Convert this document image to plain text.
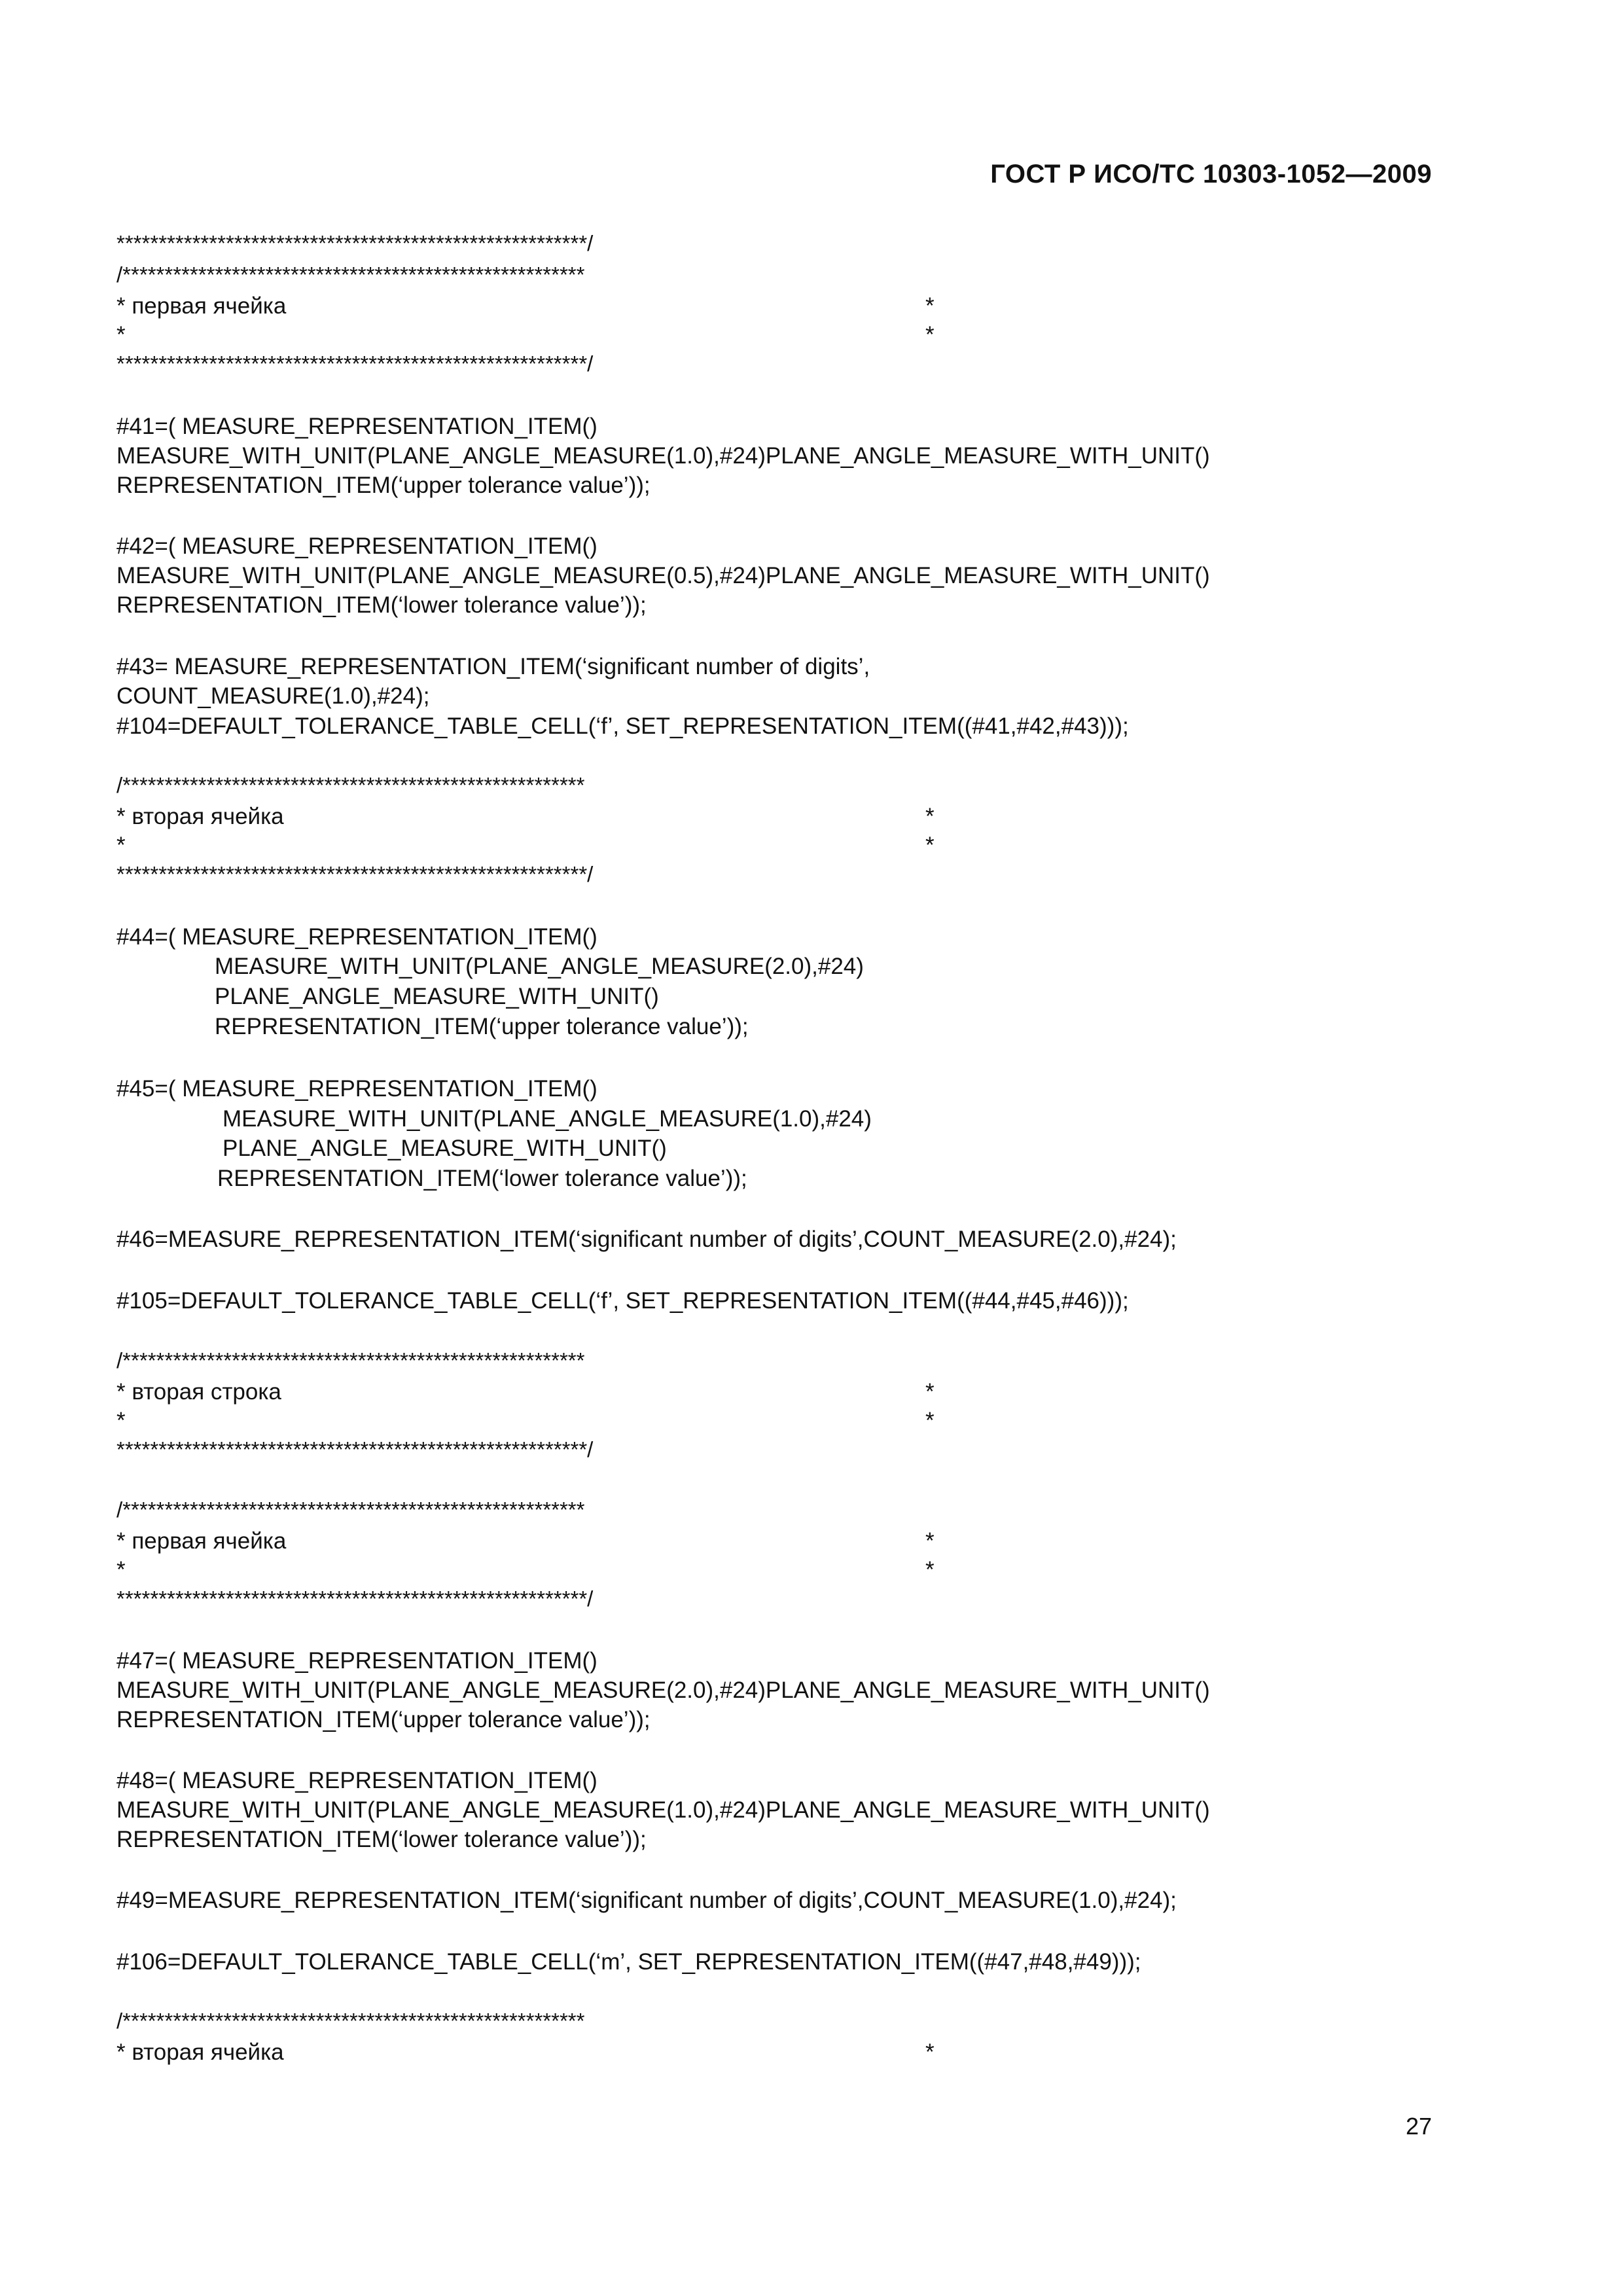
ГОСТ Р ИСО/ТС 10303-1052—2009
********************************************************/
/*******************************************************
* первая ячейка	*
*	*
********************************************************/
#41=( MEASURE_REPRESENTATION_ITEM()
MEASURE_WITH_UNIT(PLANE_ANGLE_MEASURE(1.0),#24)PLANE_ANGLE_MEASURE_WITH_UNIT()
REPRESENTATION_ITEM(‘upper tolerance value’));
#42=( MEASURE_REPRESENTATION_ITEM()
MEASURE_WITH_UNIT(PLANE_ANGLE_MEASURE(0.5),#24)PLANE_ANGLE_MEASURE_WITH_UNIT()
REPRESENTATION_ITEM(‘lower tolerance value’));
#43= MEASURE_REPRESENTATION_ITEM(‘significant number of digits’,
COUNT_MEASURE(1.0),#24);
#104=DEFAULT_TOLERANCE_TABLE_CELL(‘f’, SET_REPRESENTATION_ITEM((#41,#42,#43)));
/*******************************************************
* вторая ячейка	*
*	*
********************************************************/
#44=( MEASURE_REPRESENTATION_ITEM()
MEASURE_WITH_UNIT(PLANE_ANGLE_MEASURE(2.0),#24)
PLANE_ANGLE_MEASURE_WITH_UNIT()
REPRESENTATION_ITEM(‘upper tolerance value’));
#45=( MEASURE_REPRESENTATION_ITEM()
MEASURE_WITH_UNIT(PLANE_ANGLE_MEASURE(1.0),#24)
PLANE_ANGLE_MEASURE_WITH_UNIT()
REPRESENTATION_ITEM(‘lower tolerance value’));
#46=MEASURE_REPRESENTATION_ITEM(‘significant number of digits’,COUNT_MEASURE(2.0),#24);
#105=DEFAULT_TOLERANCE_TABLE_CELL(‘f’, SET_REPRESENTATION_ITEM((#44,#45,#46)));
/*******************************************************
* вторая строка	*
*	*
********************************************************/
/*******************************************************
* первая ячейка	*
*	*
********************************************************/
#47=( MEASURE_REPRESENTATION_ITEM()
MEASURE_WITH_UNIT(PLANE_ANGLE_MEASURE(2.0),#24)PLANE_ANGLE_MEASURE_WITH_UNIT()
REPRESENTATION_ITEM(‘upper tolerance value’));
#48=( MEASURE_REPRESENTATION_ITEM()
MEASURE_WITH_UNIT(PLANE_ANGLE_MEASURE(1.0),#24)PLANE_ANGLE_MEASURE_WITH_UNIT()
REPRESENTATION_ITEM(‘lower tolerance value’));
#49=MEASURE_REPRESENTATION_ITEM(‘significant number of digits’,COUNT_MEASURE(1.0),#24);
#106=DEFAULT_TOLERANCE_TABLE_CELL(‘m’, SET_REPRESENTATION_ITEM((#47,#48,#49)));
/*******************************************************
* вторая ячейка	*
27
